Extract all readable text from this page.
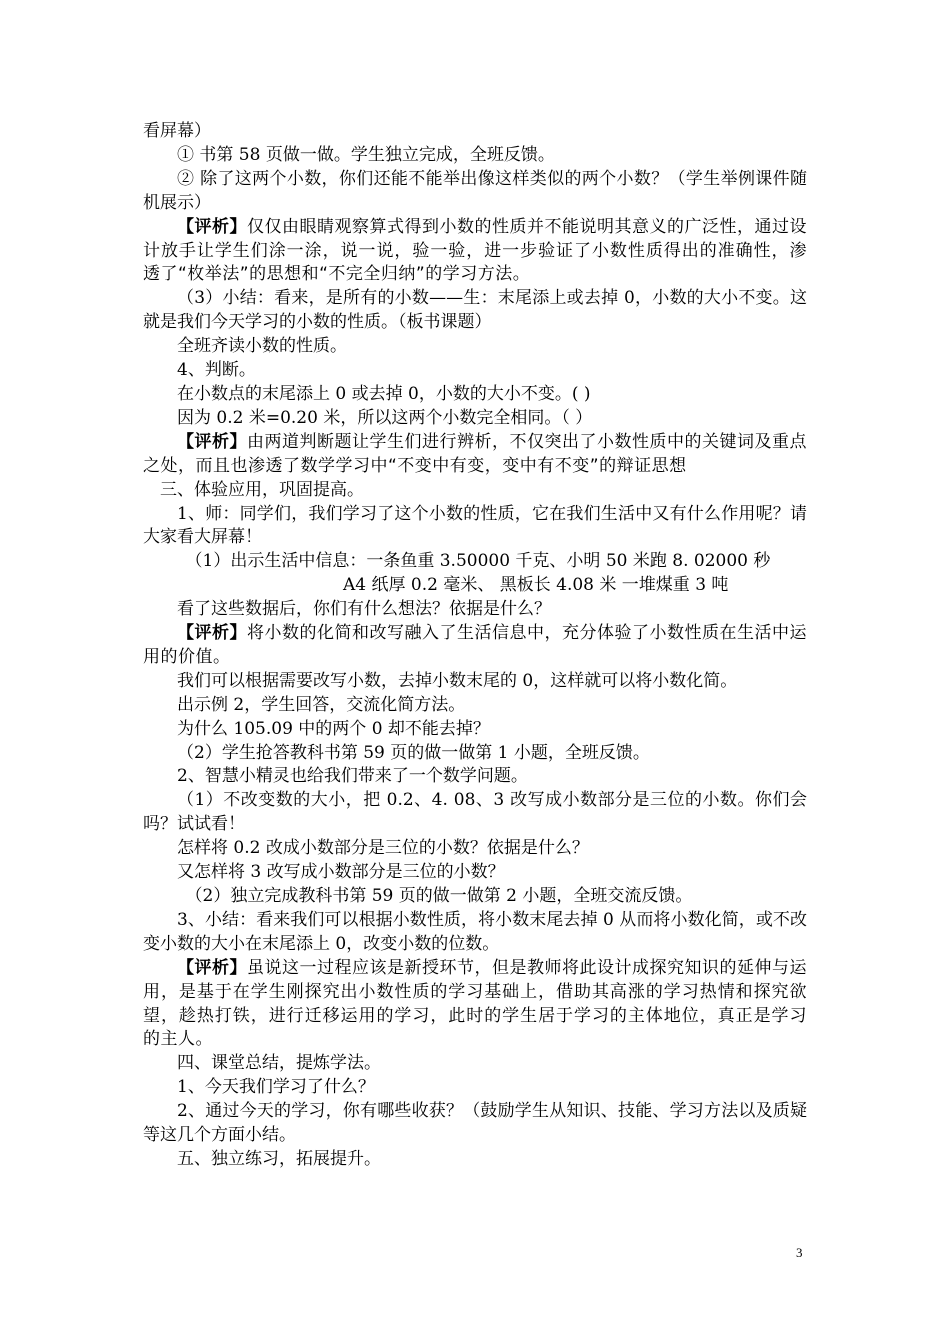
看屏幕）

① 书第 58 页做一做。学生独立完成，全班反馈。

② 除了这两个小数，你们还能不能举出像这样类似的两个小数？（学生举例课件随机展示）

【评析】仅仅由眼睛观察算式得到小数的性质并不能说明其意义的广泛性，通过设计放手让学生们涂一涂，说一说，验一验，进一步验证了小数性质得出的准确性，渗透了“枚举法”的思想和“不完全归纳”的学习方法。

（3）小结：看来，是所有的小数——生：末尾添上或去掉 0，小数的大小不变。这就是我们今天学习的小数的性质。（板书课题）

全班齐读小数的性质。

4、判断。

在小数点的末尾添上 0 或去掉 0，小数的大小不变。( )

因为 0.2 米=0.20 米，所以这两个小数完全相同。（ ）

【评析】由两道判断题让学生们进行辨析，不仅突出了小数性质中的关键词及重点之处，而且也渗透了数学学习中“不变中有变，变中有不变”的辩证思想

三、体验应用，巩固提高。

1、师：同学们，我们学习了这个小数的性质，它在我们生活中又有什么作用呢？请大家看大屏幕！

（1）出示生活中信息：一条鱼重 3.50000 千克、小明 50 米跑 8. 02000 秒

A4 纸厚 0.2 毫米、 黑板长 4.08 米 一堆煤重 3 吨

看了这些数据后，你们有什么想法？依据是什么？

【评析】将小数的化简和改写融入了生活信息中，充分体验了小数性质在生活中运用的价值。

我们可以根据需要改写小数，去掉小数末尾的 0，这样就可以将小数化简。

出示例 2，学生回答，交流化简方法。

为什么 105.09 中的两个 0 却不能去掉？

（2）学生抢答教科书第 59 页的做一做第 1 小题，全班反馈。

2、智慧小精灵也给我们带来了一个数学问题。

（1）不改变数的大小，把 0.2、4. 08、3 改写成小数部分是三位的小数。你们会吗？试试看！

怎样将 0.2 改成小数部分是三位的小数？依据是什么？

又怎样将 3 改写成小数部分是三位的小数？

（2）独立完成教科书第 59 页的做一做第 2 小题，全班交流反馈。

3、小结：看来我们可以根据小数性质，将小数末尾去掉 0 从而将小数化简，或不改变小数的大小在末尾添上 0，改变小数的位数。

【评析】虽说这一过程应该是新授环节，但是教师将此设计成探究知识的延伸与运用，是基于在学生刚探究出小数性质的学习基础上，借助其高涨的学习热情和探究欲望，趁热打铁，进行迁移运用的学习，此时的学生居于学习的主体地位，真正是学习的主人。

四、课堂总结，提炼学法。

1、今天我们学习了什么？

2、通过今天的学习，你有哪些收获？（鼓励学生从知识、技能、学习方法以及质疑等这几个方面小结。

五、独立练习，拓展提升。

3
